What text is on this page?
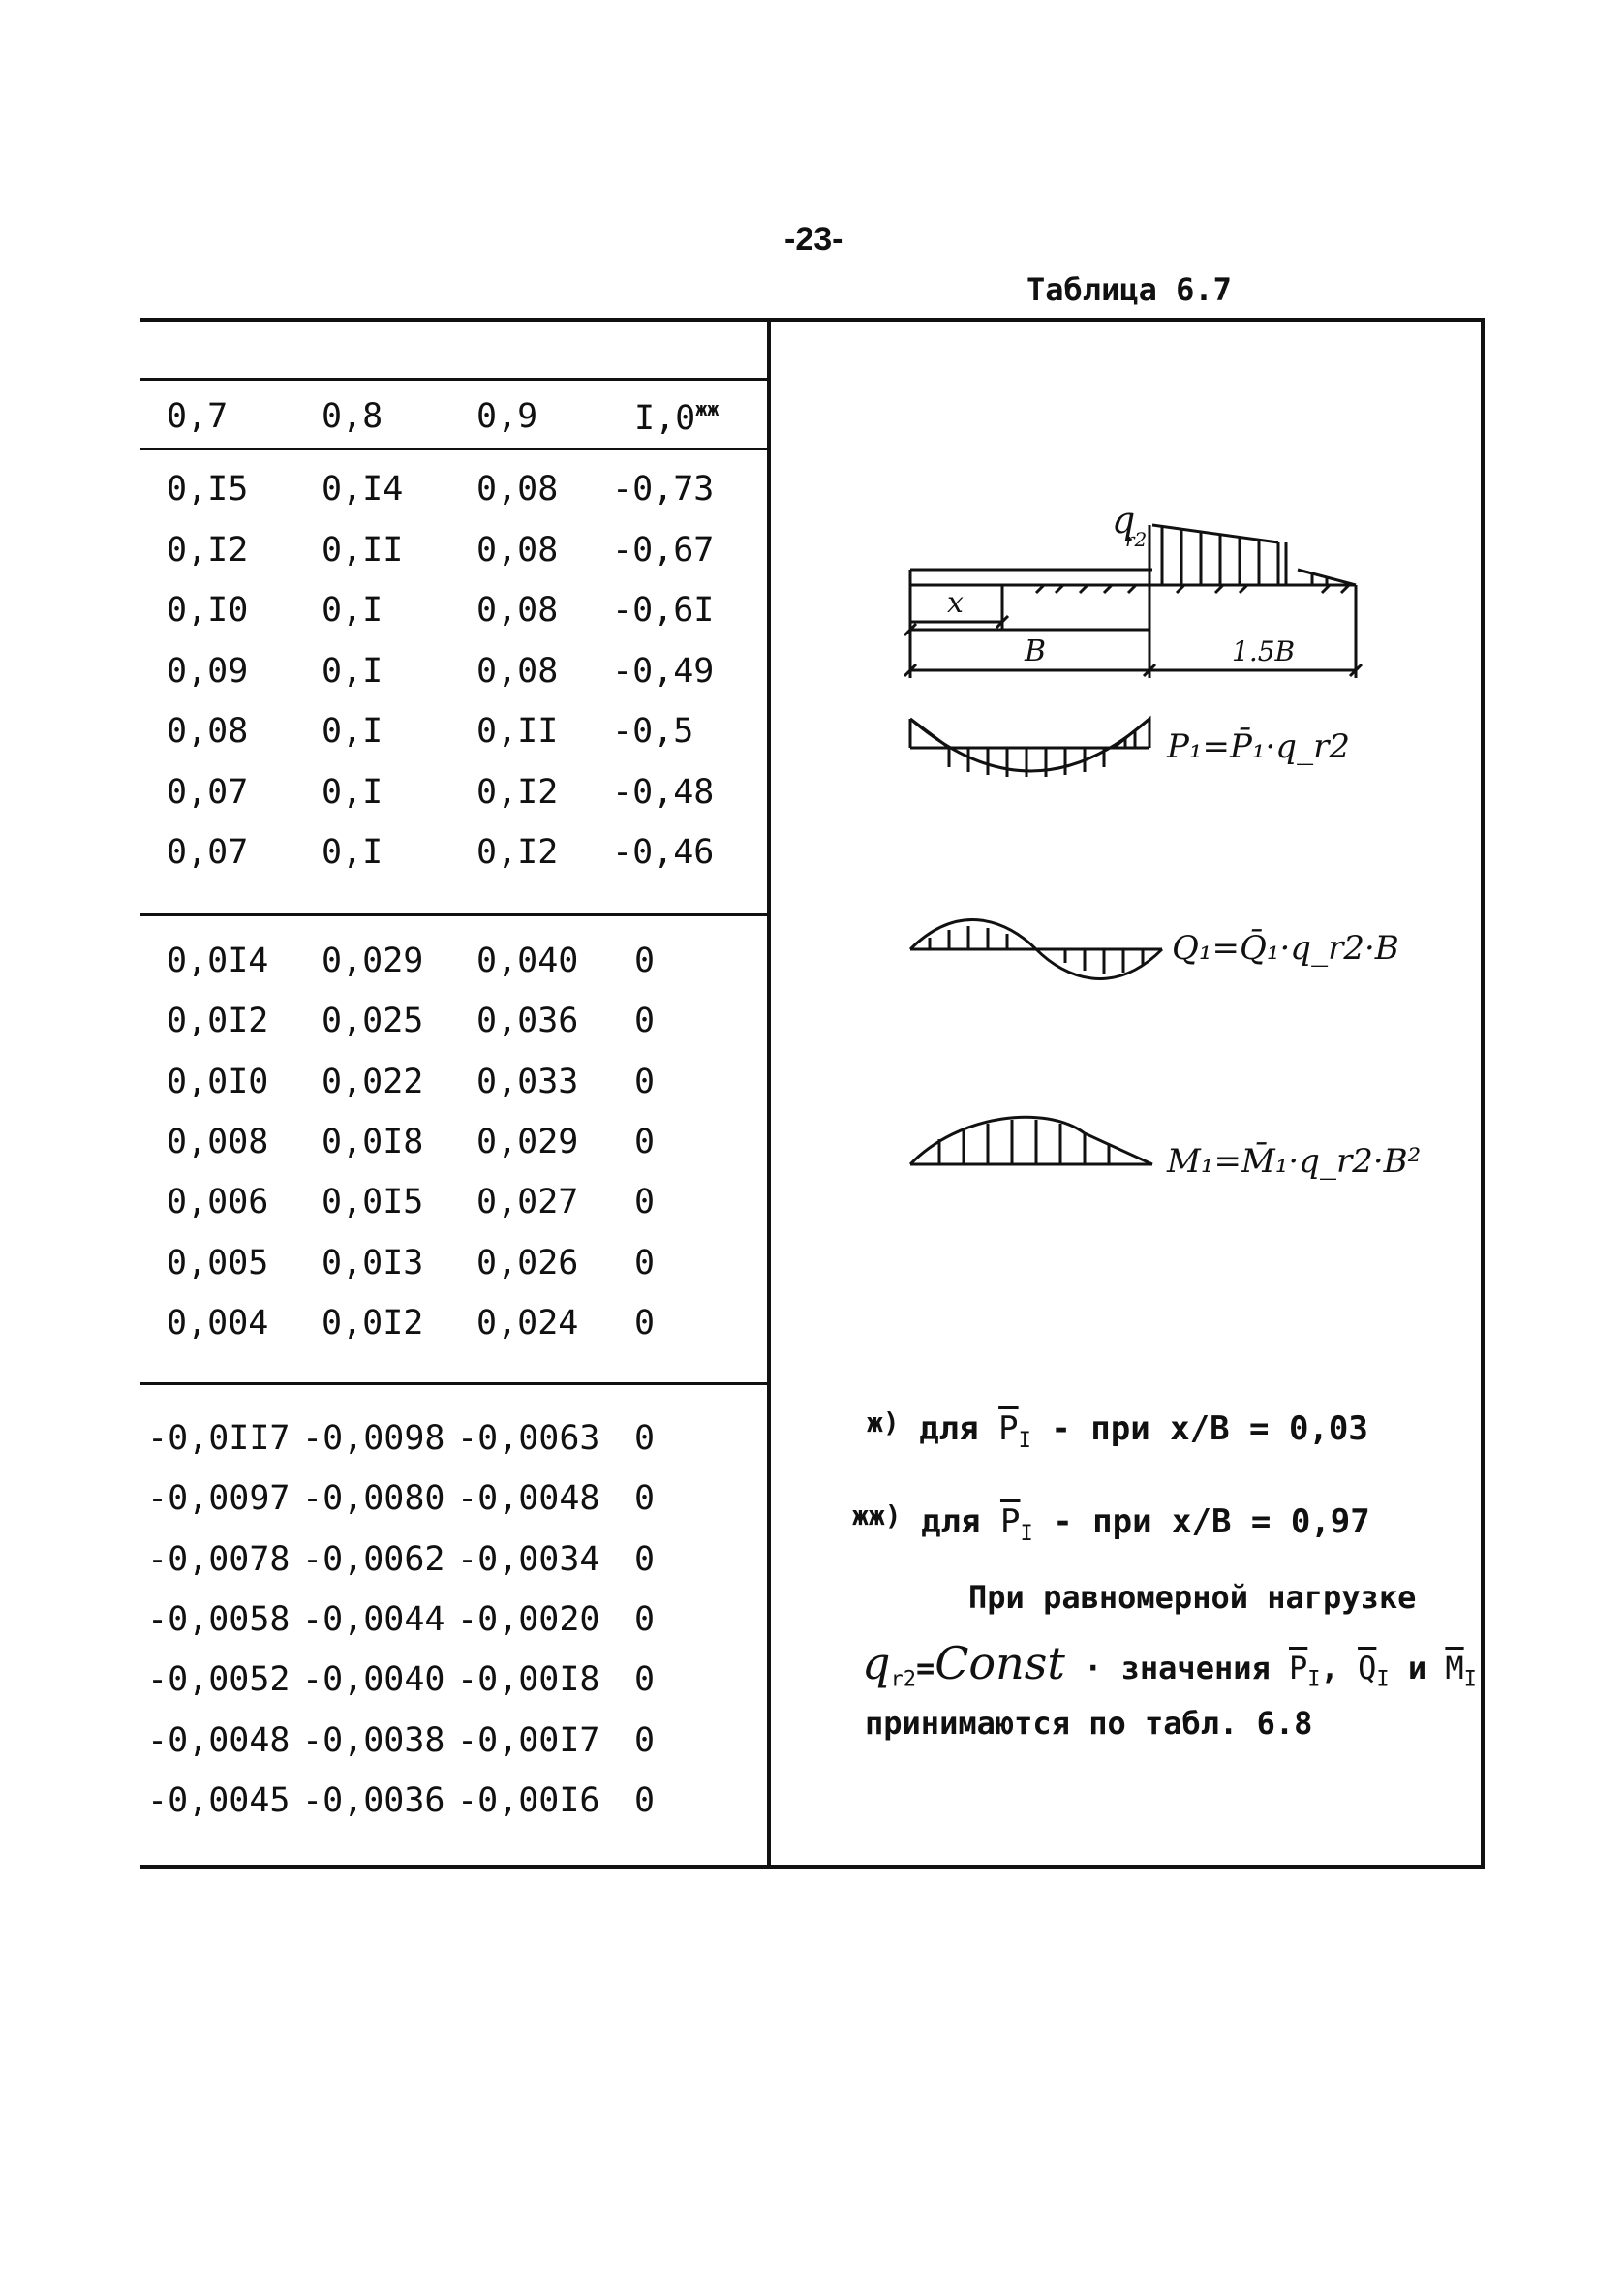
-23-
Таблица 6.7
0,7	0,8	0,9	$I,0^{жж}$
0,I5 0,I4 0,08 -0,73
0,I2 0,II 0,08 -0,67
0,I0 0,I	0,08 -0,6I
0,09 0,I	0,08 -0,49
0,08 0,I	0,II -0,5
0,07 0,I	0,I2 -0,48
0,07 0,I	0,I2 -0,46
0,0I4 0,029 0,040 0
0,0I2 0,025 0,036 0
0,0I0 0,022 0,033 0
0,008 0,0I8 0,029 0
0,006 0,0I5 0,027 0
0,005 0,0I3 0,026 0
0,004 0,0I2 0,024 0
-0,0II7 -0,0098 -0,0063 0
-0,0097 -0,0080 -0,0048 0
-0,0078 -0,0062 -0,0034 0
-0,0058 -0,0044 -0,0020 0
-0,0052 -0,0040 -0,00I8 0
-0,0048 -0,0038 -0,00I7 0
-0,0045 -0,0036 -0,00I6 0
q
r2
x
B	1.5B
P₁=P̄₁·q_r2
Q₁=Q̄₁·q_r2·B
M₁=M̄₁·q_r2·B²
$^{ж)}$ для $\overline{P}_I$ - при x/B = 0,03
$^{жж)}$ для $\overline{P}_I$ - при x/B = 0,97
При равномерной нагрузке
$q_{r2}=Const$ · значения $\overline{P}_I$, $\overline{Q}_I$ и $\overline{M}_I$
принимаются по табл. 6.8
